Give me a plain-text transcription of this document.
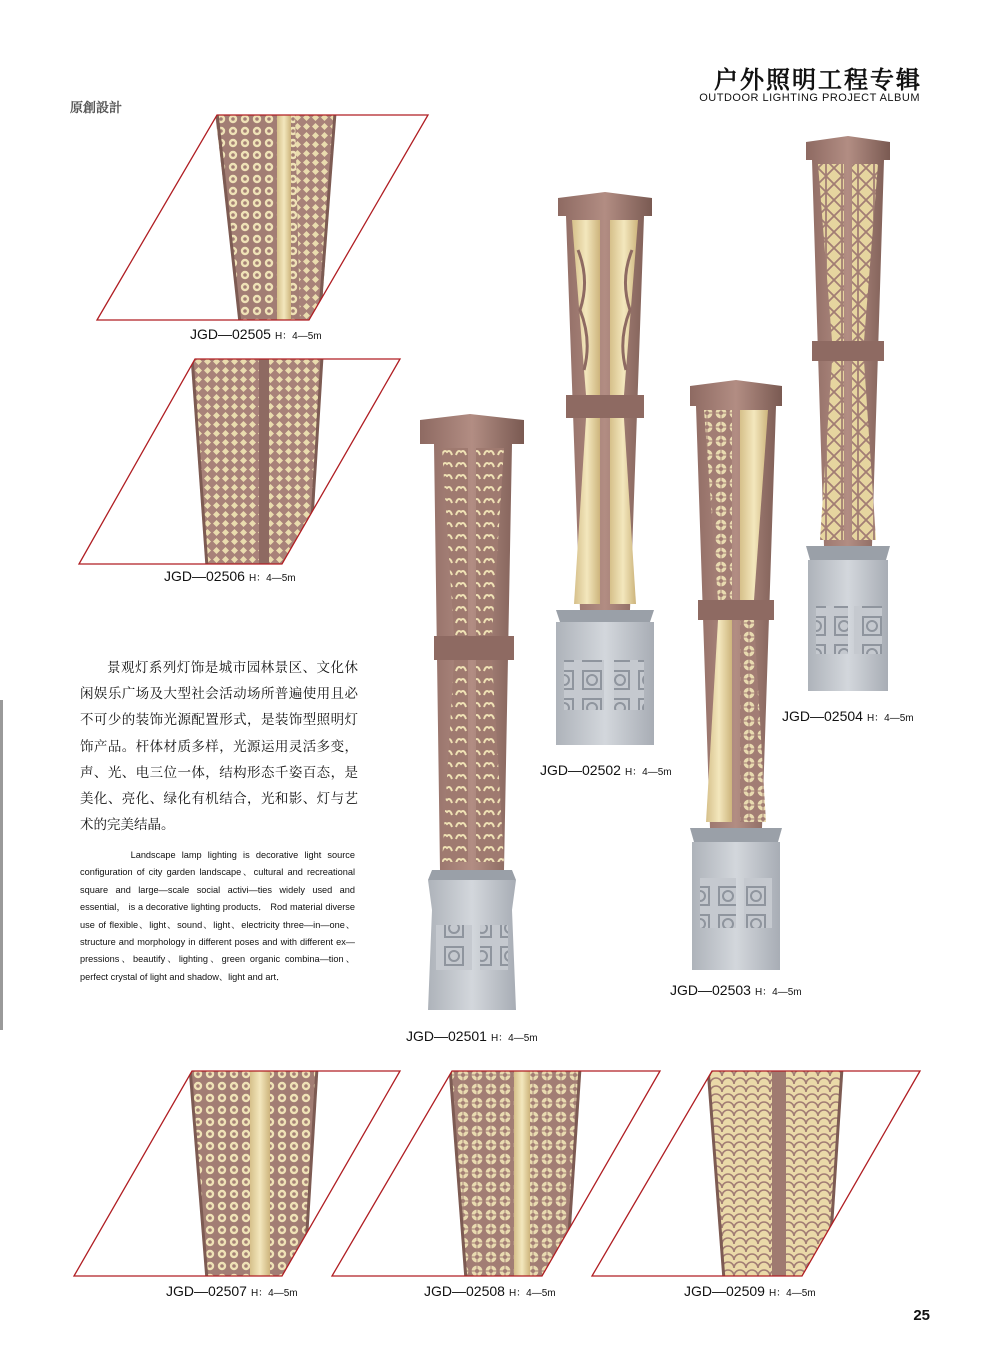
户外照明工程专辑
OUTDOOR LIGHTING PROJECT ALBUM
原創設計
JGD—02505 H：4—5m
JGD—02506 H：4—5m
景观灯系列灯饰是城市园林景区、文化休闲娱乐广场及大型社会活动场所普遍使用且必不可少的装饰光源配置形式，是装饰型照明灯饰产品。杆体材质多样，光源运用灵活多变，声、光、电三位一体，结构形态千姿百态，是美化、亮化、绿化有机结合，光和影、灯与艺术的完美结晶。
Landscape lamp lighting is decorative light source configuration of city garden landscape、cultural and recreational square and large—scale social activi—ties widely used and essential， is a decorative lighting products． Rod material diverse use of flexible、light、sound、light、electricity three—in—one、structure and morphology in different poses and with different ex—pressions、beautify、lighting、green organic combina—tion、perfect crystal of light and shadow、light and art．
JGD—02501 H：4—5m
JGD—02502 H：4—5m
JGD—02503 H：4—5m
JGD—02504 H：4—5m
JGD—02507 H：4—5m	JGD—02508 H：4—5m	JGD—02509 H：4—5m
25
